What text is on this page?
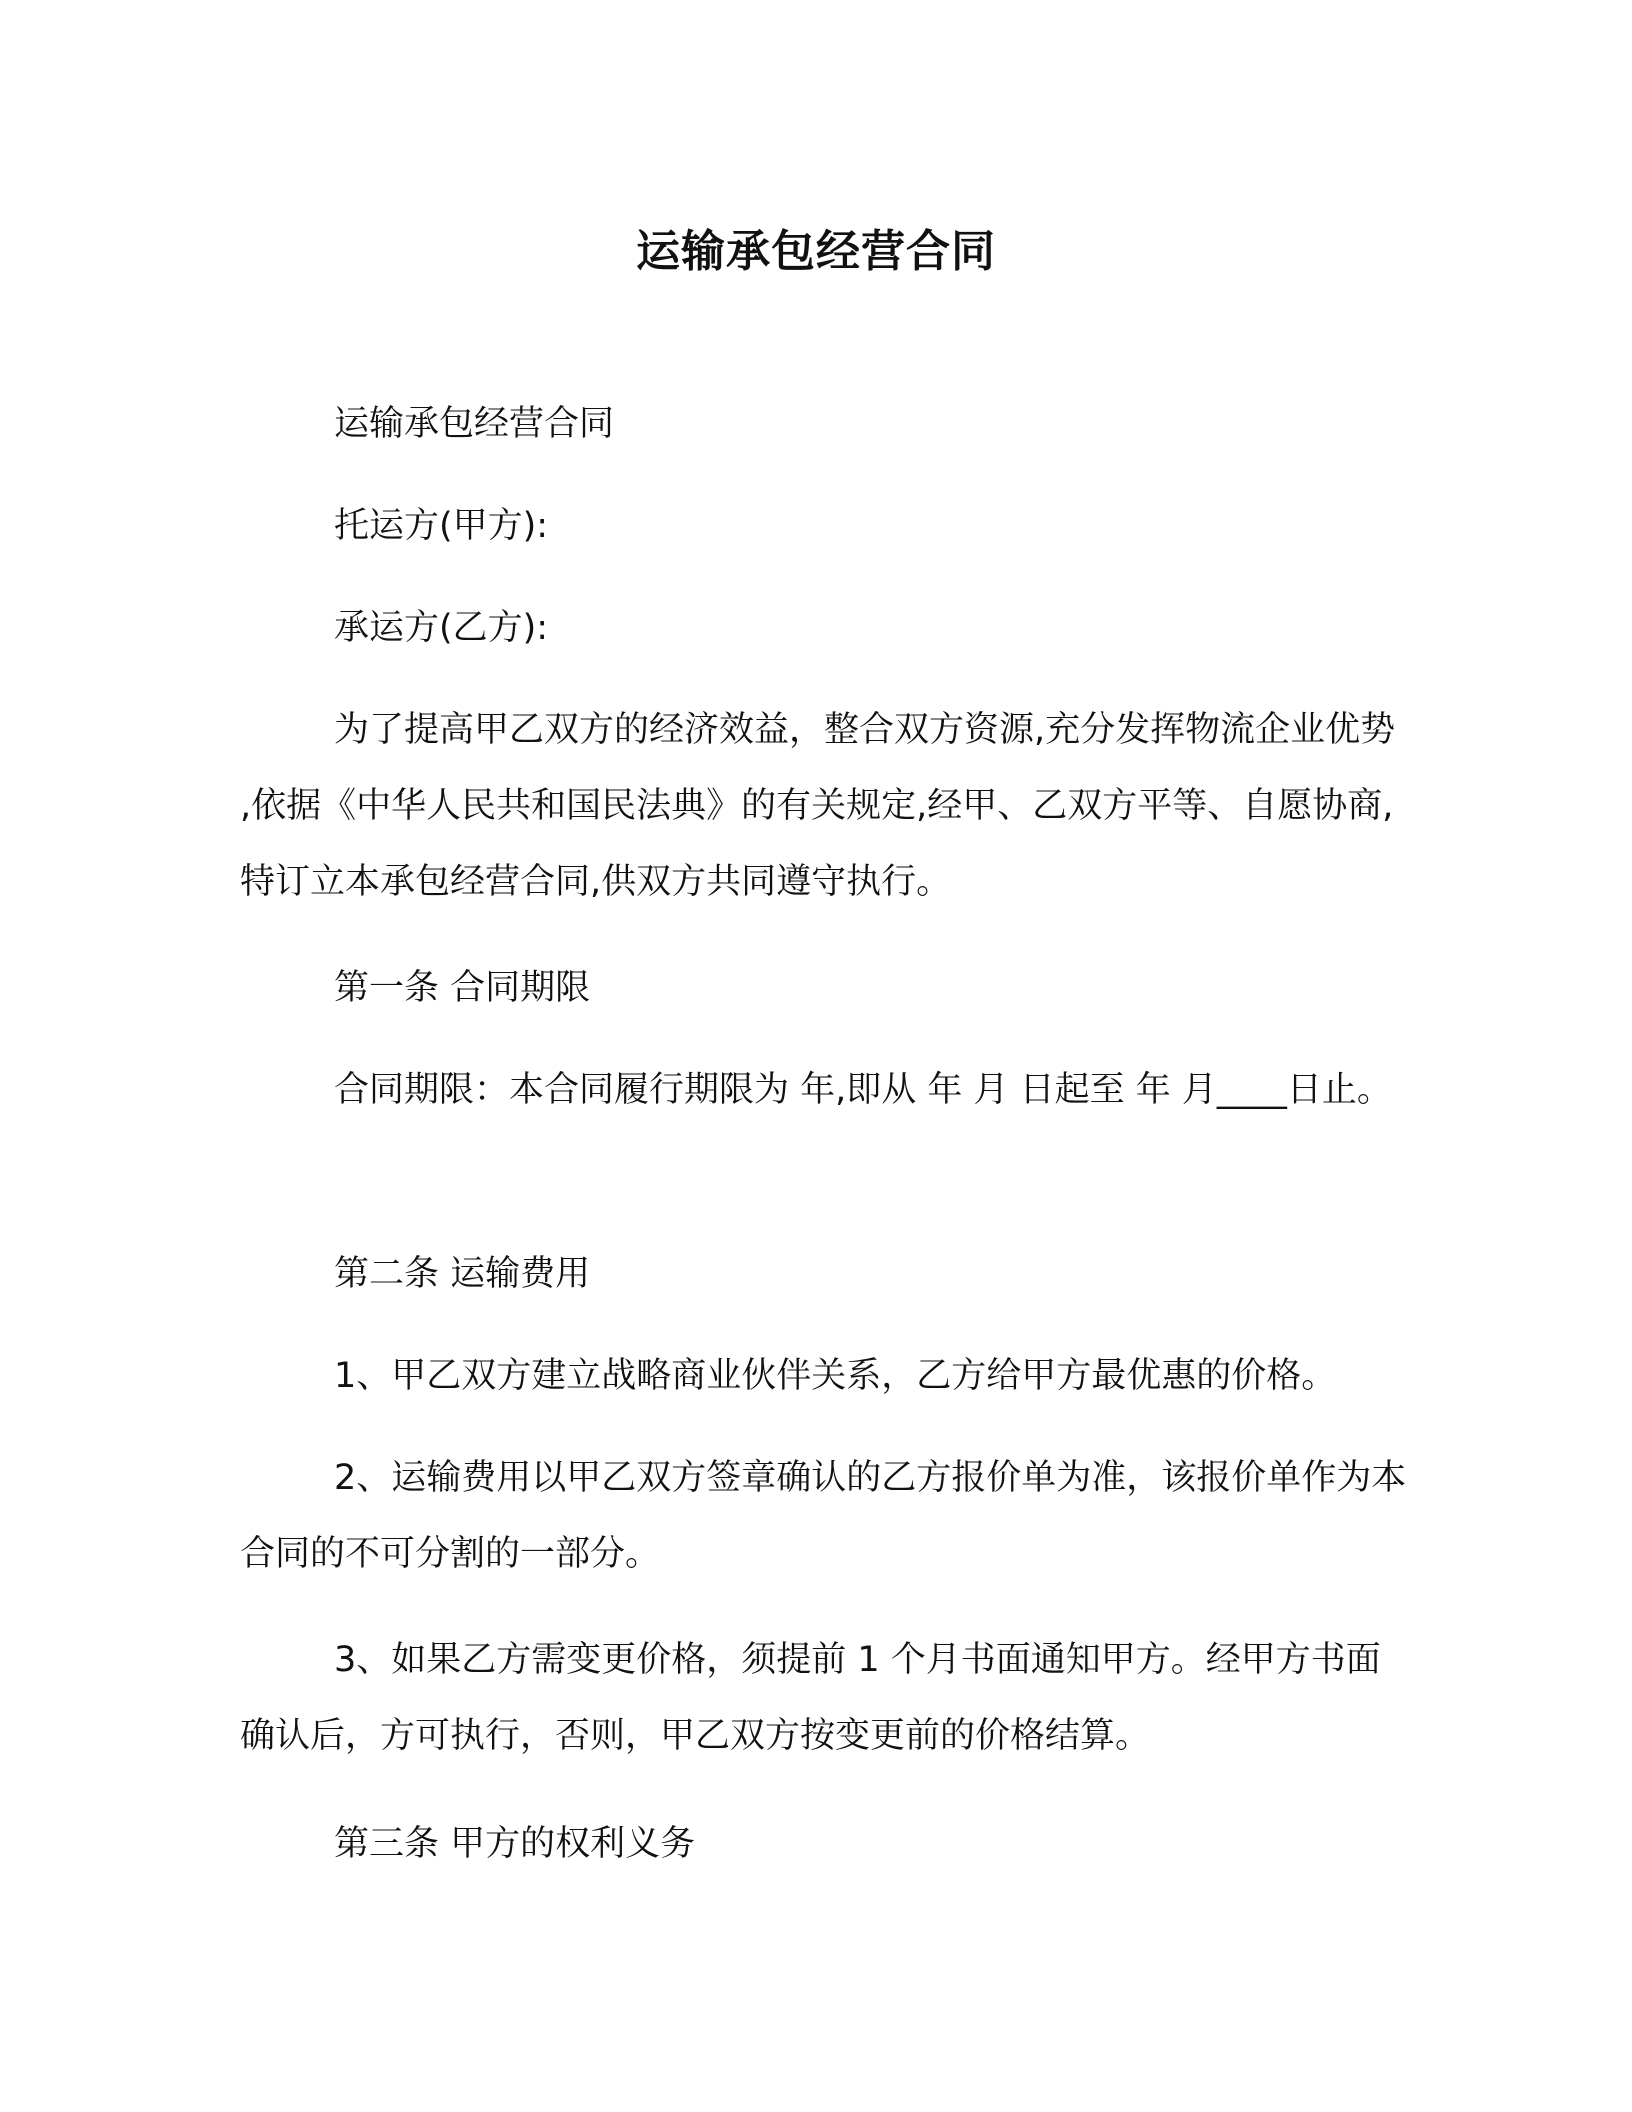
运输承包经营合同

运输承包经营合同

托运方(甲方):

承运方(乙方):

为了提高甲乙双方的经济效益，整合双方资源,充分发挥物流企业优势 ,依据《中华人民共和国民法典》的有关规定,经甲、乙双方平等、自愿协商,特订立本承包经营合同,供双方共同遵守执行。

第一条 合同期限

合同期限：本合同履行期限为 年,即从 年 月 日起至 年 月____日止。

第二条 运输费用

1、甲乙双方建立战略商业伙伴关系，乙方给甲方最优惠的价格。

2、运输费用以甲乙双方签章确认的乙方报价单为准，该报价单作为本合同的不可分割的一部分。

3、如果乙方需变更价格，须提前 1 个月书面通知甲方。经甲方书面确认后，方可执行，否则，甲乙双方按变更前的价格结算。

第三条 甲方的权利义务
